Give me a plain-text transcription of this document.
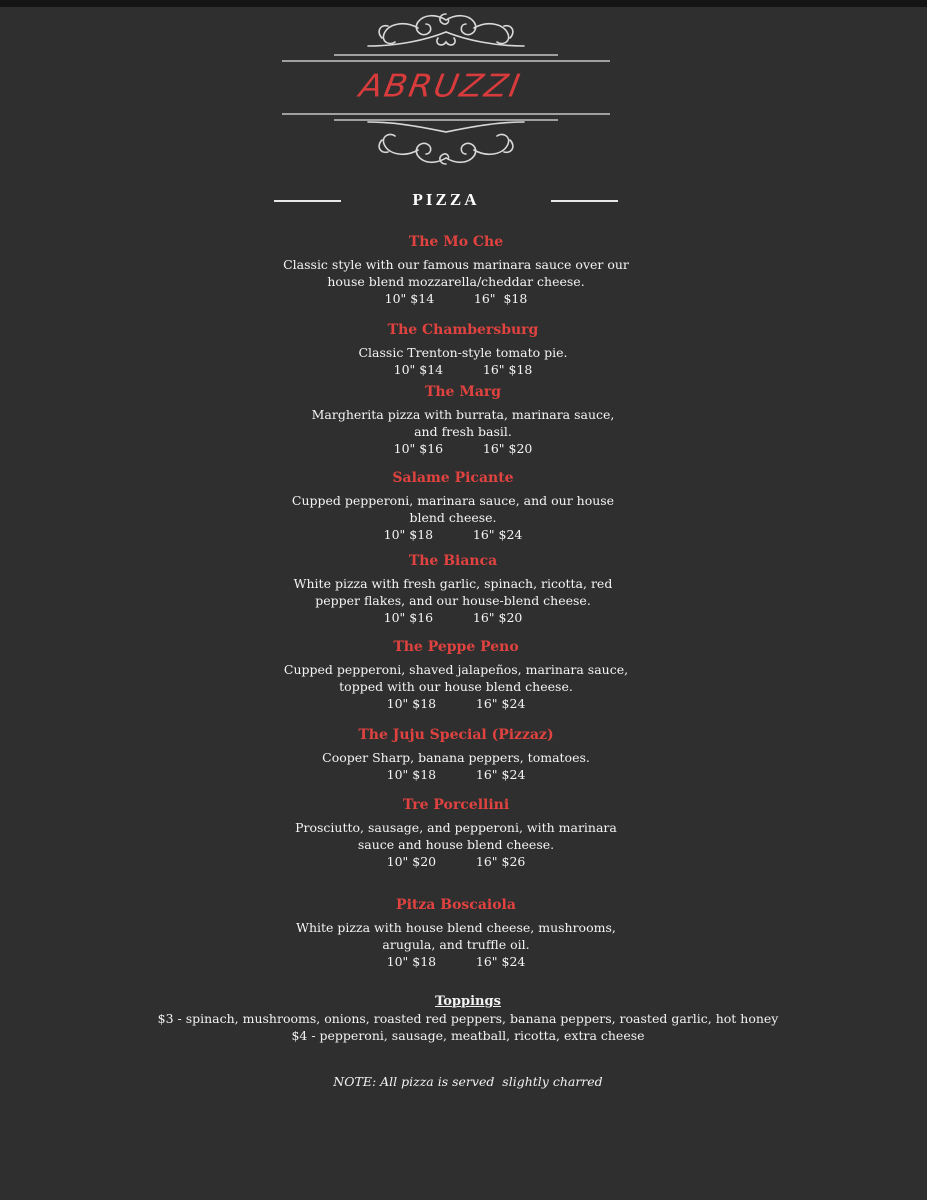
ABRUZZI
PIZZA
The Mo Che
Classic style with our famous marinara sauce over our house blend mozzarella/cheddar cheese.
10" $14          16"  $18
The Chambersburg
Classic Trenton-style tomato pie.
10" $14          16" $18
The Marg
Margherita pizza with burrata, marinara sauce, and fresh basil.
10" $16          16" $20
Salame Picante
Cupped pepperoni, marinara sauce, and our house blend cheese.
10" $18          16" $24
The Bianca
White pizza with fresh garlic, spinach, ricotta, red pepper flakes, and our house-blend cheese.
10" $16          16" $20
The Peppe Peno
Cupped pepperoni, shaved jalapeños, marinara sauce, topped with our house blend cheese.
10" $18          16" $24
The Juju Special (Pizzaz)
Cooper Sharp, banana peppers, tomatoes.
10" $18          16" $24
Tre Porcellini
Prosciutto, sausage, and pepperoni, with marinara sauce and house blend cheese.
10" $20          16" $26
Pitza Boscaiola
White pizza with house blend cheese, mushrooms, arugula, and truffle oil.
10" $18          16" $24
Toppings
$3 - spinach, mushrooms, onions, roasted red peppers, banana peppers, roasted garlic, hot honey
$4 - pepperoni, sausage, meatball, ricotta, extra cheese
NOTE: All pizza is served  slightly charred
